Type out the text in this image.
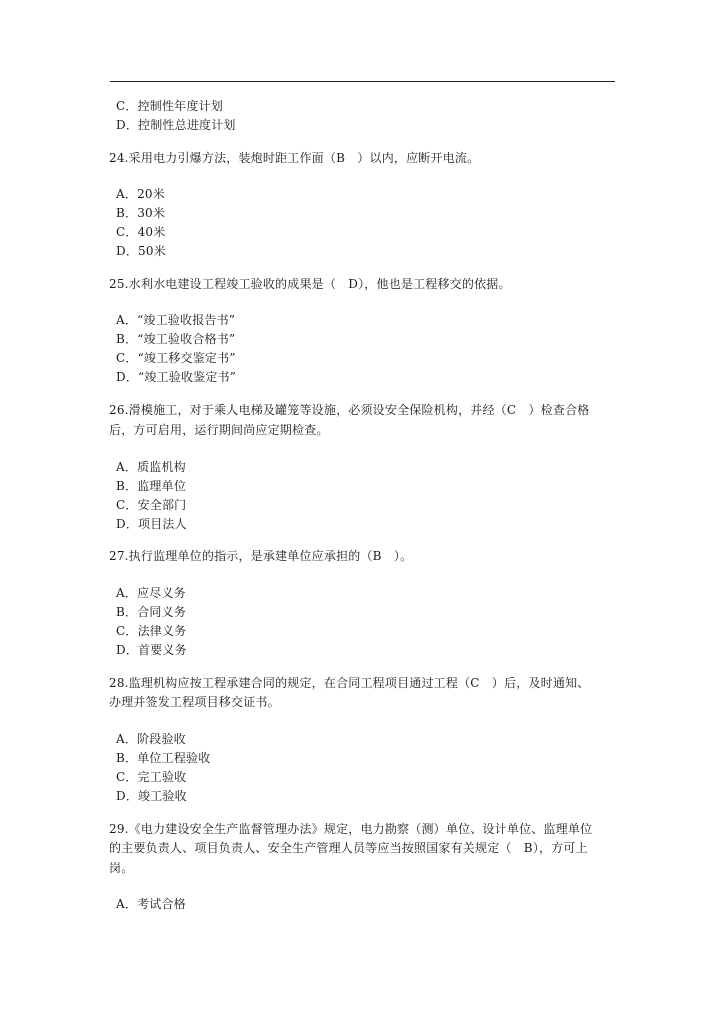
C．控制性年度计划
D．控制性总进度计划
24.采用电力引爆方法，装炮时距工作面（B　）以内，应断开电流。
A．20米
B．30米
C．40米
D．50米
25.水利水电建设工程竣工验收的成果是（　D），他也是工程移交的依据。
A．“竣工验收报告书”
B．“竣工验收合格书”
C．“竣工移交鉴定书”
D．“竣工验收鉴定书”
26.滑模施工，对于乘人电梯及罐笼等设施，必须设安全保险机构，并经（C　）检查合格
后，方可启用，运行期间尚应定期检查。
A．质监机构
B．监理单位
C．安全部门
D．项目法人
27.执行监理单位的指示，是承建单位应承担的（B　）。
A．应尽义务
B．合同义务
C．法律义务
D．首要义务
28.监理机构应按工程承建合同的规定，在合同工程项目通过工程（C　）后，及时通知、
办理并签发工程项目移交证书。
A．阶段验收
B．单位工程验收
C．完工验收
D．竣工验收
29.《电力建设安全生产监督管理办法》规定，电力勘察（测）单位、设计单位、监理单位
的主要负责人、项目负责人、安全生产管理人员等应当按照国家有关规定（　B），方可上
岗。
A．考试合格
